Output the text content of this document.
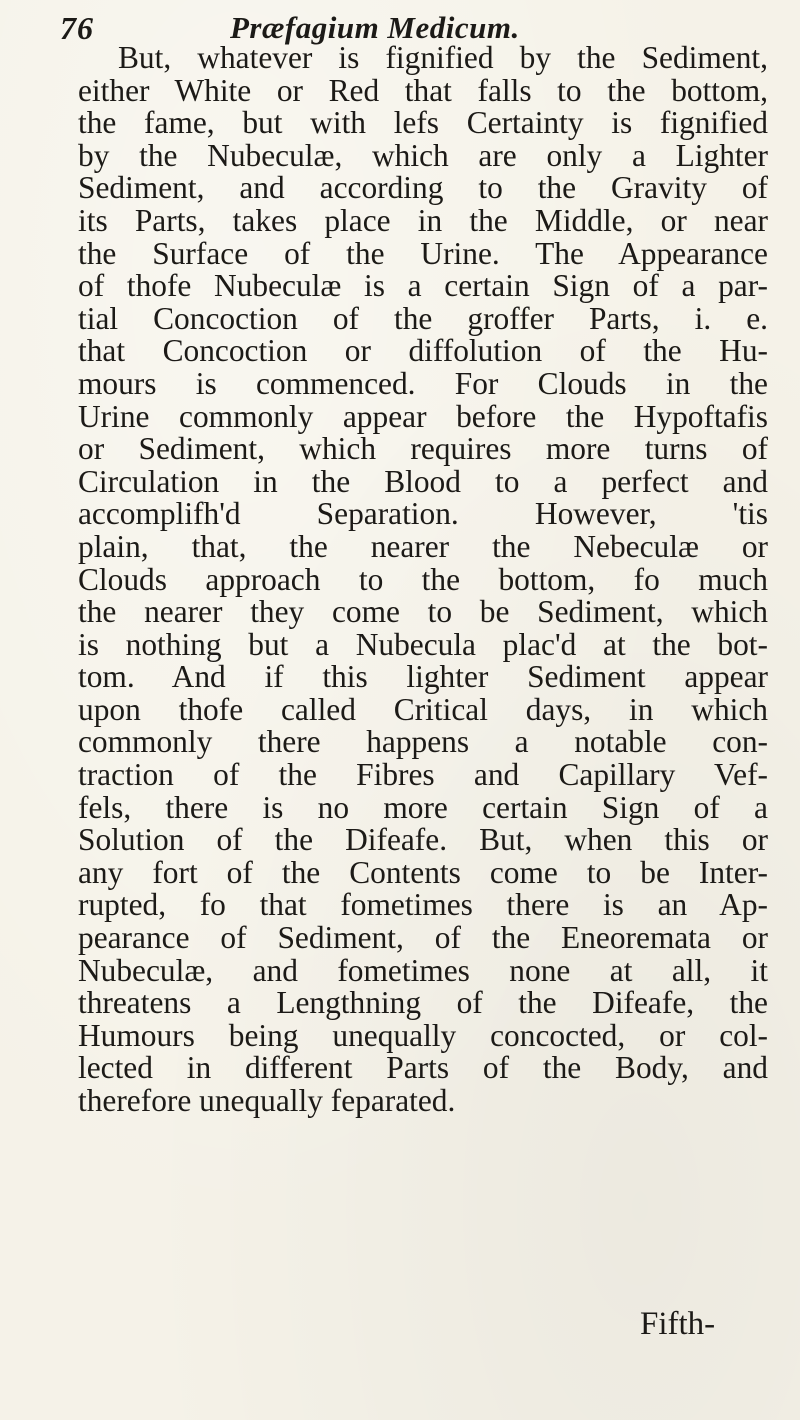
76	Præfagium Medicum.
But, whatever is fignified by the Sediment,
either White or Red that falls to the bottom,
the fame, but with lefs Certainty is fignified
by the Nubeculæ, which are only a Lighter
Sediment, and according to the Gravity of
its Parts, takes place in the Middle, or near
the Surface of the Urine. The Appearance
of thofe Nubeculæ is a certain Sign of a par-
tial Concoction of the groffer Parts, i. e.
that Concoction or diffolution of the Hu-
mours is commenced. For Clouds in the
Urine commonly appear before the Hypoftafis
or Sediment, which requires more turns of
Circulation in the Blood to a perfect and
accomplifh'd Separation. However, 'tis
plain, that, the nearer the Nebeculæ or
Clouds approach to the bottom, fo much
the nearer they come to be Sediment, which
is nothing but a Nubecula plac'd at the bot-
tom. And if this lighter Sediment appear
upon thofe called Critical days, in which
commonly there happens a notable con-
traction of the Fibres and Capillary Vef-
fels, there is no more certain Sign of a
Solution of the Difeafe. But, when this or
any fort of the Contents come to be Inter-
rupted, fo that fometimes there is an Ap-
pearance of Sediment, of the Eneoremata or
Nubeculæ, and fometimes none at all, it
threatens a Lengthning of the Difeafe, the
Humours being unequally concocted, or col-
lected in different Parts of the Body, and
therefore unequally feparated.
Fifth-
